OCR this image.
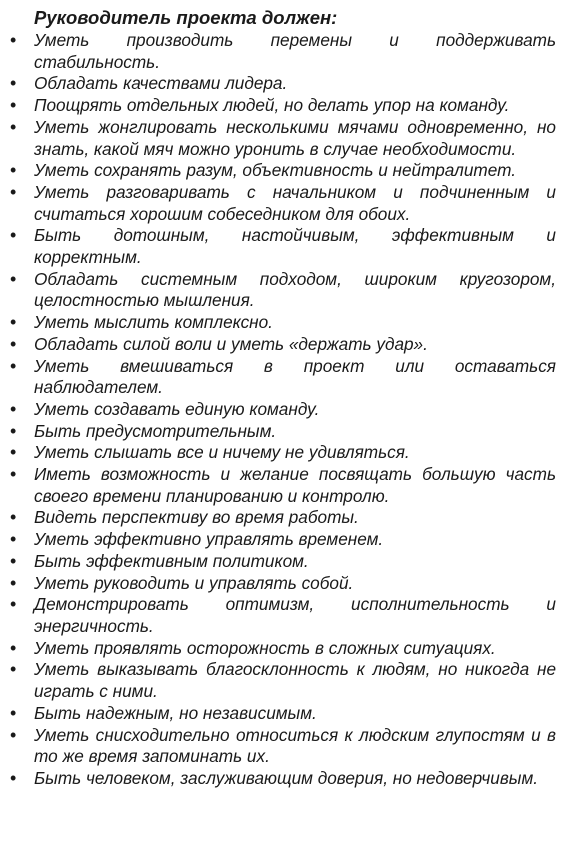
Руководитель проекта должен:
• Уметь производить перемены и поддерживать стабильность.
• Обладать качествами лидера.
• Поощрять отдельных людей, но делать упор на команду.
• Уметь жонглировать несколькими мячами одновременно, но знать, какой мяч можно уронить в случае необходимости.
• Уметь сохранять разум, объективность и нейтралитет.
• Уметь разговаривать с начальником и подчиненным и считаться хорошим собеседником для обоих.
• Быть дотошным, настойчивым, эффективным и корректным.
• Обладать системным подходом, широким кругозором, целостностью мышления.
• Уметь мыслить комплексно.
• Обладать силой воли и уметь «держать удар».
• Уметь вмешиваться в проект или оставаться наблюдателем.
• Уметь создавать единую команду.
• Быть предусмотрительным.
• Уметь слышать все и ничему не удивляться.
• Иметь возможность и желание посвящать большую часть своего времени планированию и контролю.
• Видеть перспективу во время работы.
• Уметь эффективно управлять временем.
• Быть эффективным политиком.
• Уметь руководить и управлять собой.
• Демонстрировать оптимизм, исполнительность и энергичность.
• Уметь проявлять осторожность в сложных ситуациях.
• Уметь выказывать благосклонность к людям, но никогда не играть с ними.
• Быть надежным, но независимым.
• Уметь снисходительно относиться к людским глупостям и в то же время запоминать их.
• Быть человеком, заслуживающим доверия, но недоверчивым.
